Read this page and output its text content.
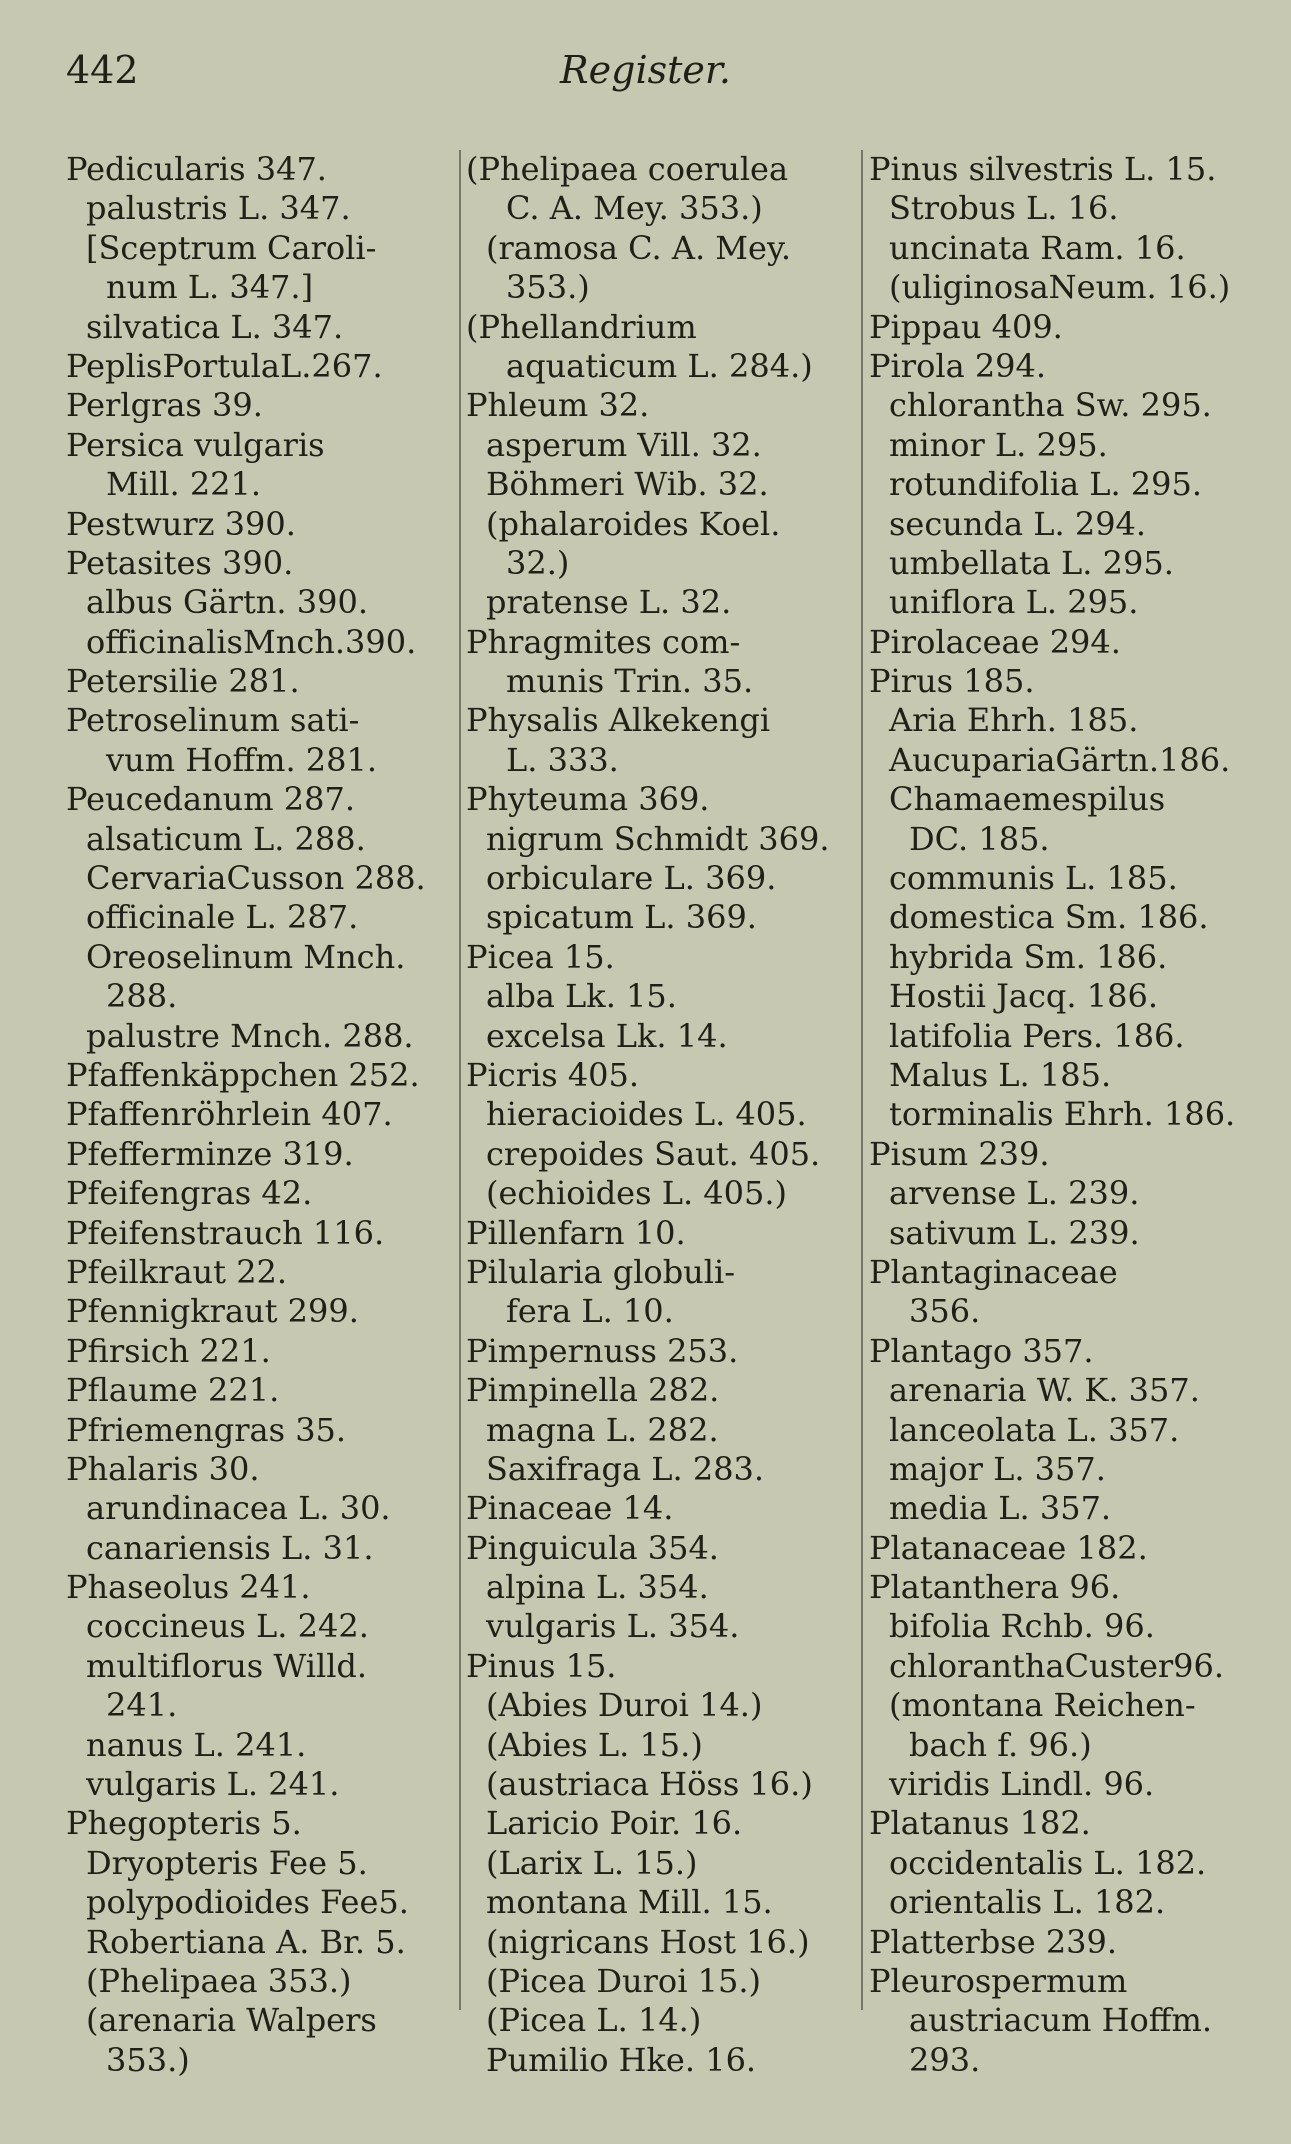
442	Register.
Pedicularis 347.
palustris L. 347.
[Sceptrum Caroli-
num L. 347.]
silvatica L. 347.
PeplisPortulaL.267.
Perlgras 39.
Persica vulgaris
Mill. 221.
Pestwurz 390.
Petasites 390.
albus Gärtn. 390.
officinalisMnch.390.
Petersilie 281.
Petroselinum sati-
vum Hoffm. 281.
Peucedanum 287.
alsaticum L. 288.
CervariaCusson 288.
officinale L. 287.
Oreoselinum Mnch.
288.
palustre Mnch. 288.
Pfaffenkäppchen 252.
Pfaffenröhrlein 407.
Pfefferminze 319.
Pfeifengras 42.
Pfeifenstrauch 116.
Pfeilkraut 22.
Pfennigkraut 299.
Pfirsich 221.
Pflaume 221.
Pfriemengras 35.
Phalaris 30.
arundinacea L. 30.
canariensis L. 31.
Phaseolus 241.
coccineus L. 242.
multiflorus Willd.
241.
nanus L. 241.
vulgaris L. 241.
Phegopteris 5.
Dryopteris Fee 5.
polypodioides Fee5.
Robertiana A. Br. 5.
(Phelipaea 353.)
(arenaria Walpers
353.)
(Phelipaea coerulea
C. A. Mey. 353.)
(ramosa C. A. Mey.
353.)
(Phellandrium
aquaticum L. 284.)
Phleum 32.
asperum Vill. 32.
Böhmeri Wib. 32.
(phalaroides Koel.
32.)
pratense L. 32.
Phragmites com-
munis Trin. 35.
Physalis Alkekengi
L. 333.
Phyteuma 369.
nigrum Schmidt 369.
orbiculare L. 369.
spicatum L. 369.
Picea 15.
alba Lk. 15.
excelsa Lk. 14.
Picris 405.
hieracioides L. 405.
crepoides Saut. 405.
(echioides L. 405.)
Pillenfarn 10.
Pilularia globuli-
fera L. 10.
Pimpernuss 253.
Pimpinella 282.
magna L. 282.
Saxifraga L. 283.
Pinaceae 14.
Pinguicula 354.
alpina L. 354.
vulgaris L. 354.
Pinus 15.
(Abies Duroi 14.)
(Abies L. 15.)
(austriaca Höss 16.)
Laricio Poir. 16.
(Larix L. 15.)
montana Mill. 15.
(nigricans Host 16.)
(Picea Duroi 15.)
(Picea L. 14.)
Pumilio Hke. 16.
Pinus silvestris L. 15.
Strobus L. 16.
uncinata Ram. 16.
(uliginosaNeum. 16.)
Pippau 409.
Pirola 294.
chlorantha Sw. 295.
minor L. 295.
rotundifolia L. 295.
secunda L. 294.
umbellata L. 295.
uniflora L. 295.
Pirolaceae 294.
Pirus 185.
Aria Ehrh. 185.
AucupariaGärtn.186.
Chamaemespilus
DC. 185.
communis L. 185.
domestica Sm. 186.
hybrida Sm. 186.
Hostii Jacq. 186.
latifolia Pers. 186.
Malus L. 185.
torminalis Ehrh. 186.
Pisum 239.
arvense L. 239.
sativum L. 239.
Plantaginaceae
356.
Plantago 357.
arenaria W. K. 357.
lanceolata L. 357.
major L. 357.
media L. 357.
Platanaceae 182.
Platanthera 96.
bifolia Rchb. 96.
chloranthaCuster96.
(montana Reichen-
bach f. 96.)
viridis Lindl. 96.
Platanus 182.
occidentalis L. 182.
orientalis L. 182.
Platterbse 239.
Pleurospermum
austriacum Hoffm.
293.
